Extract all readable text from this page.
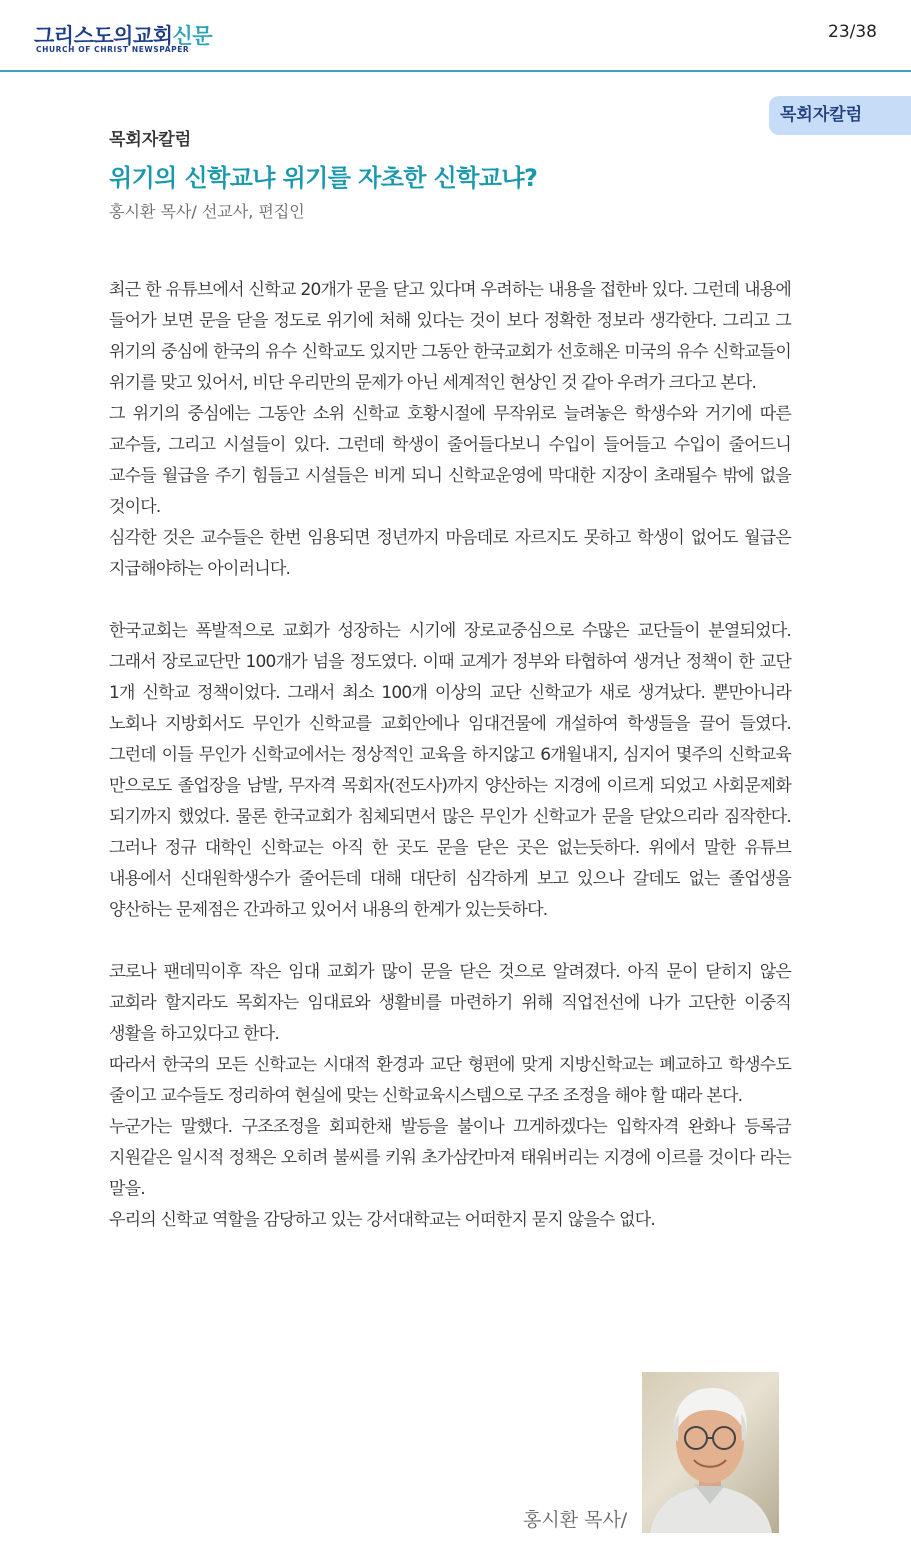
그리스도의교회신문
CHURCH OF CHRIST NEWSPAPER
23/38
목회자칼럼
목회자칼럼
위기의 신학교냐 위기를 자초한 신학교냐?
홍시환 목사/ 선교사, 편집인

최근 한 유튜브에서 신학교 20개가 문을 닫고 있다며 우려하는 내용을 접한바 있다. 그런데 내용에 들어가 보면 문을 닫을 정도로 위기에 처해 있다는 것이 보다 정확한 정보라 생각한다. 그리고 그 위기의 중심에 한국의 유수 신학교도 있지만 그동안 한국교회가 선호해온 미국의 유수 신학교들이 위기를 맞고 있어서, 비단 우리만의 문제가 아닌 세계적인 현상인 것 같아 우려가 크다고 본다.

그 위기의 중심에는 그동안 소위 신학교 호황시절에 무작위로 늘려놓은 학생수와 거기에 따른 교수들, 그리고 시설들이 있다. 그런데 학생이 줄어들다보니 수입이 들어들고 수입이 줄어드니 교수들 월급을 주기 힘들고 시설들은 비게 되니 신학교운영에 막대한 지장이 초래될수 밖에 없을 것이다.

심각한 것은 교수들은 한번 임용되면 정년까지 마음데로 자르지도 못하고 학생이 없어도 월급은 지급해야하는 아이러니다.

한국교회는 폭발적으로 교회가 성장하는 시기에 장로교중심으로 수많은 교단들이 분열되었다. 그래서 장로교단만 100개가 넘을 정도였다. 이때 교계가 정부와 타협하여 생겨난 정책이 한 교단 1개 신학교 정책이었다. 그래서 최소 100개 이상의 교단 신학교가 새로 생겨났다. 뿐만아니라 노회나 지방회서도 무인가 신학교를 교회안에나 임대건물에 개설하여 학생들을 끌어 들였다. 그런데 이들 무인가 신학교에서는 정상적인 교육을 하지않고 6개월내지, 심지어 몇주의 신학교육 만으로도 졸업장을 남발, 무자격 목회자(전도사)까지 양산하는 지경에 이르게 되었고 사회문제화 되기까지 했었다. 물론 한국교회가 침체되면서 많은 무인가 신학교가 문을 닫았으리라 짐작한다. 그러나 정규 대학인 신학교는 아직 한 곳도 문을 닫은 곳은 없는듯하다. 위에서 말한 유튜브 내용에서 신대원학생수가 줄어든데 대해 대단히 심각하게 보고 있으나 갈데도 없는 졸업생을 양산하는 문제점은 간과하고 있어서 내용의 한계가 있는듯하다.

코로나 팬데믹이후 작은 임대 교회가 많이 문을 닫은 것으로 알려졌다. 아직 문이 닫히지 않은 교회라 할지라도 목회자는 임대료와 생활비를 마련하기 위해 직업전선에 나가 고단한 이중직 생활을 하고있다고 한다.

따라서 한국의 모든 신학교는 시대적 환경과 교단 형편에 맞게 지방신학교는 폐교하고 학생수도 줄이고 교수들도 정리하여 현실에 맞는 신학교육시스템으로 구조 조정을 해야 할 때라 본다.

누군가는 말했다. 구조조정을 회피한채 발등을 불이나 끄게하겠다는 입학자격 완화나 등록금 지원같은 일시적 정책은 오히려 불씨를 키워 초가삼칸마져 태워버리는 지경에 이르를 것이다 라는 말을.

우리의 신학교 역할을 감당하고 있는 강서대학교는 어떠한지 묻지 않을수 없다.

홍시환 목사/
